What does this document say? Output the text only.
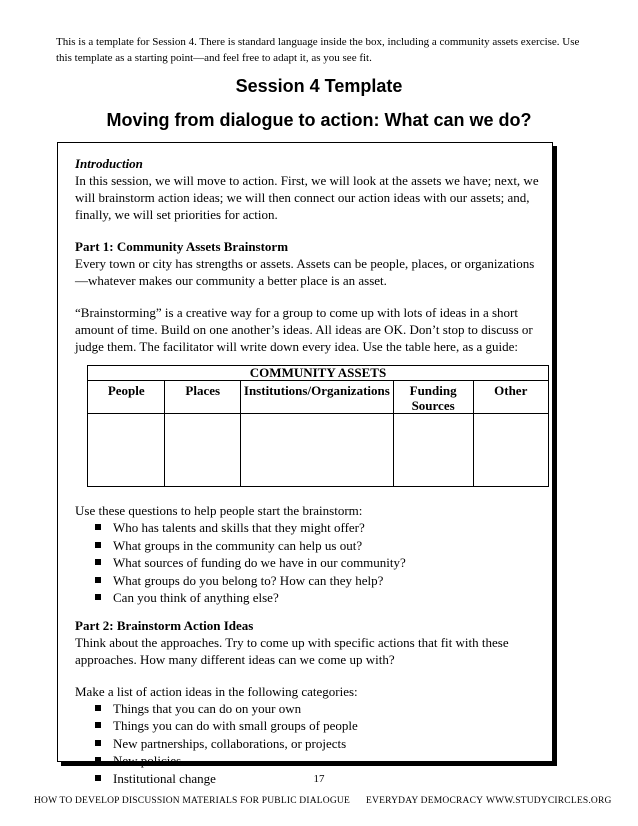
This is a template for Session 4. There is standard language inside the box, including a community assets exercise. Use this template as a starting point—and feel free to adapt it, as you see fit.
Session 4 Template
Moving from dialogue to action: What can we do?

Introduction

In this session, we will move to action. First, we will look at the assets we have; next, we will brainstorm action ideas; we will then connect our action ideas with our assets; and, finally, we will set priorities for action.

Part 1: Community Assets Brainstorm

Every town or city has strengths or assets. Assets can be people, places, or organizations—whatever makes our community a better place is an asset.

“Brainstorming” is a creative way for a group to come up with lots of ideas in a short amount of time. Build on one another’s ideas. All ideas are OK. Don’t stop to discuss or judge them. The facilitator will write down every idea. Use the table here, as a guide:

COMMUNITY ASSETS				
People	Places	Institutions/Organizations	Funding Sources	Other

Use these questions to help people start the brainstorm:

Who has talents and skills that they might offer?
What groups in the community can help us out?
What sources of funding do we have in our community?
What groups do you belong to? How can they help?
Can you think of anything else?

Part 2: Brainstorm Action Ideas

Think about the approaches. Try to come up with specific actions that fit with these approaches. How many different ideas can we come up with?

Make a list of action ideas in the following categories:

Things that you can do on your own
Things you can do with small groups of people
New partnerships, collaborations, or projects
New policies
Institutional change	17
HOW TO DEVELOP DISCUSSION MATERIALS FOR PUBLIC DIALOGUE EVERYDAY DEMOCRACY WWW.STUDYCIRCLES.ORG
